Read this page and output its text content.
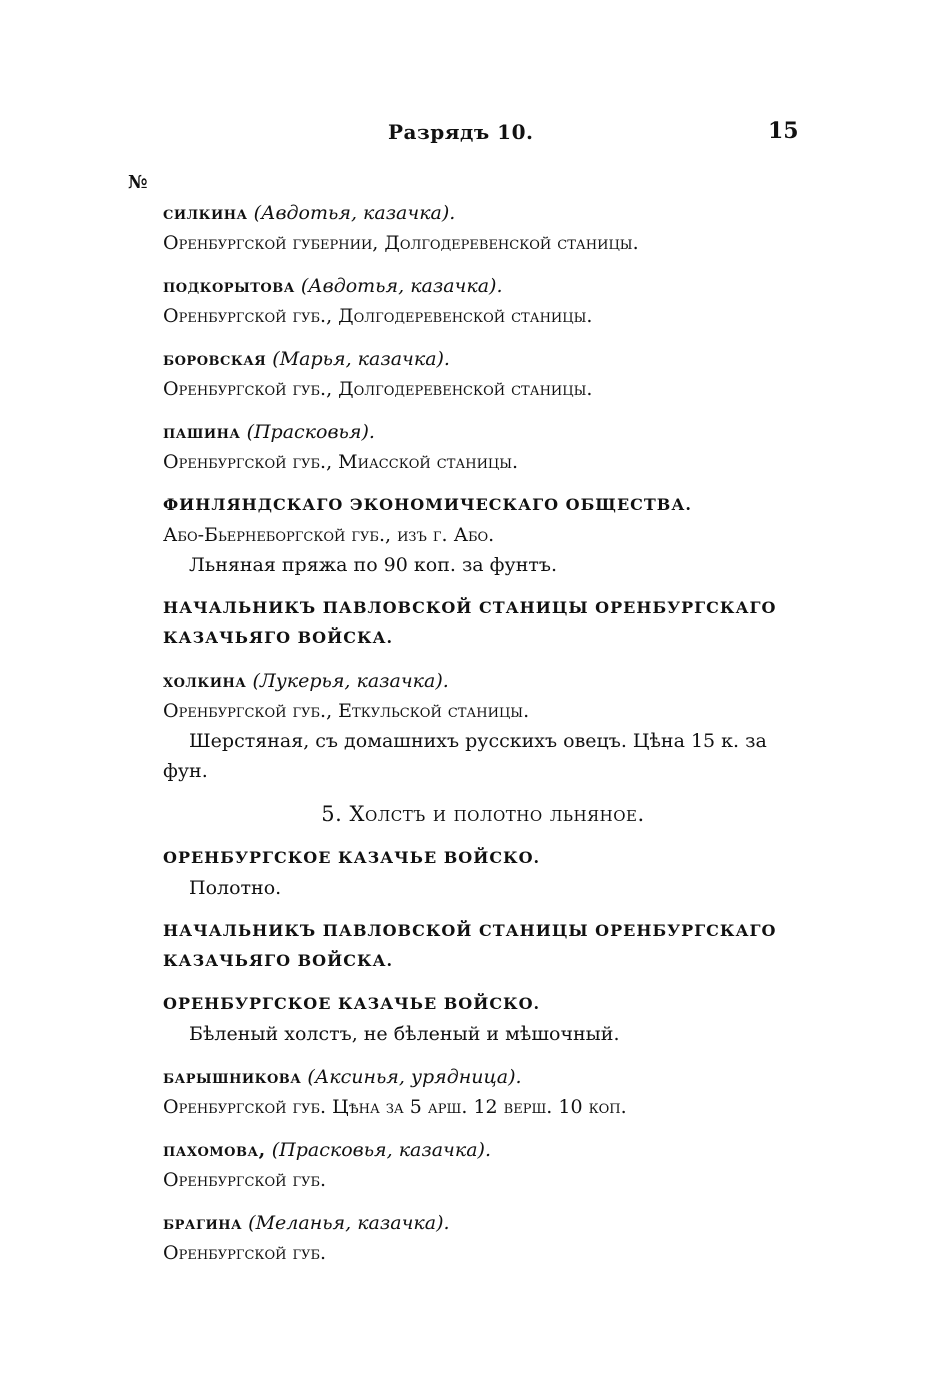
Разрядъ 10.	15
№
силкина (Авдотья, казачка).
Оренбургской губернии, Долгодеревенской станицы.
подкорытова (Авдотья, казачка).
Оренбургской губ., Долгодеревенской станицы.
боровская (Марья, казачка).
Оренбургской губ., Долгодеревенской станицы.
пашина (Прасковья).
Оренбургской губ., Миасской станицы.
ФИНЛЯНДСКАГО ЭКОНОМИЧЕСКАГО ОБЩЕСТВА.
Або-Бьернеборгской губ., изъ г. Або.
Льняная пряжа по 90 коп. за фунтъ.
НАЧАЛЬНИКЪ ПАВЛОВСКОЙ СТАНИЦЫ ОРЕНБУРГСКАГО КАЗАЧЬЯГО ВОЙСКА.
холкина (Лукерья, казачка).
Оренбургской губ., Еткульской станицы.
Шерстяная, съ домашнихъ русскихъ овецъ. Цѣна 15 к. за фун.
5. Холстъ и полотно льняное.
ОРЕНБУРГСКОЕ КАЗАЧЬЕ ВОЙСКО.
Полотно.
НАЧАЛЬНИКЪ ПАВЛОВСКОЙ СТАНИЦЫ ОРЕНБУРГСКАГО КАЗАЧЬЯГО ВОЙСКА.
ОРЕНБУРГСКОЕ КАЗАЧЬЕ ВОЙСКО.
Бѣленый холстъ, не бѣленый и мѣшочный.
барышникова (Аксинья, урядница).
Оренбургской губ. Цѣна за 5 арш. 12 верш. 10 коп.
пахомова, (Прасковья, казачка).
Оренбургской губ.
брагина (Меланья, казачка).
Оренбургской губ.
